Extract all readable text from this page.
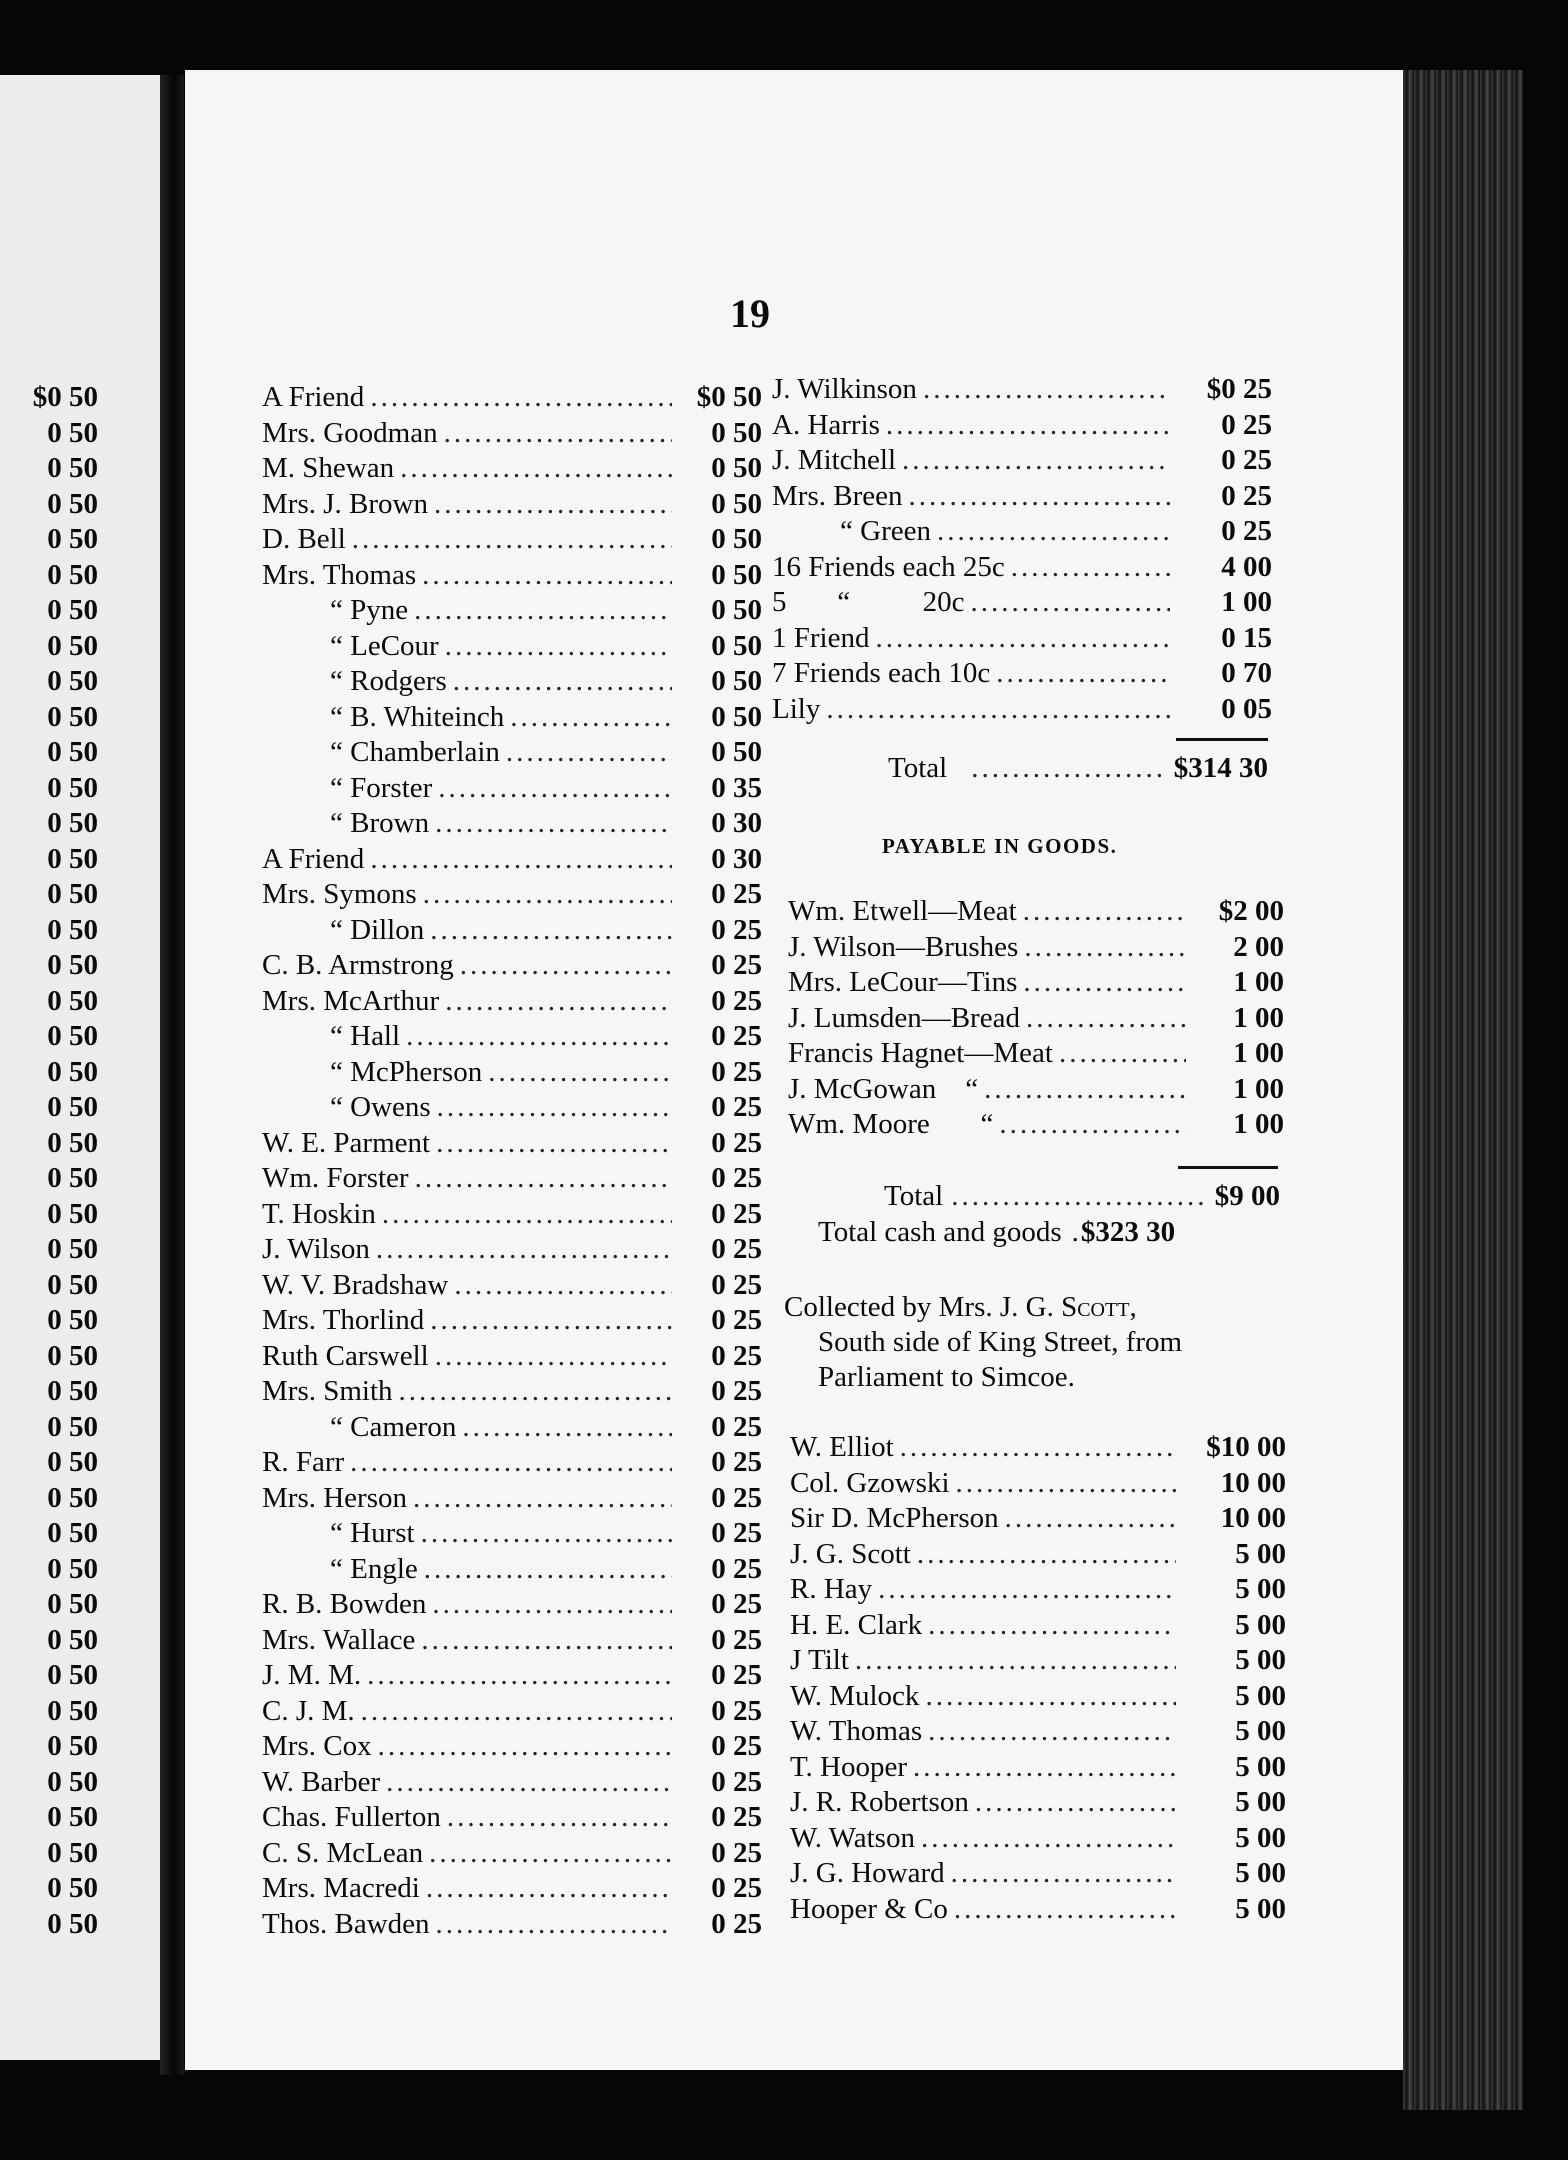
$0 50
0 50
0 50
0 50
0 50
0 50
0 50
0 50
0 50
0 50
0 50
0 50
0 50
0 50
0 50
0 50
0 50
0 50
0 50
0 50
0 50
0 50
0 50
0 50
0 50
0 50
0 50
0 50
0 50
0 50
0 50
0 50
0 50
0 50
0 50
0 50
0 50
0 50
0 50
0 50
0 50
0 50
0 50
0 50
19
A Friend .....	$0 50
Mrs. Goodman .....	0 50
M. Shewan .....	0 50
Mrs. J. Brown .....	0 50
D. Bell .....	0 50
Mrs. Thomas .....	0 50
“ Pyne .....	0 50
“ LeCour .....	0 50
“ Rodgers .....	0 50
“ B. Whiteinch .....	0 50
“ Chamberlain .....	0 50
“ Forster .....	0 35
“ Brown .....	0 30
A Friend .....	0 30
Mrs. Symons .....	0 25
“ Dillon .....	0 25
C. B. Armstrong .....	0 25
Mrs. McArthur .....	0 25
“ Hall .....	0 25
“ McPherson .....	0 25
“ Owens .....	0 25
W. E. Parment .....	0 25
Wm. Forster .....	0 25
T. Hoskin .....	0 25
J. Wilson .....	0 25
W. V. Bradshaw .....	0 25
Mrs. Thorlind .....	0 25
Ruth Carswell .....	0 25
Mrs. Smith .....	0 25
“ Cameron .....	0 25
R. Farr .....	0 25
Mrs. Herson .....	0 25
“ Hurst .....	0 25
“ Engle .....	0 25
R. B. Bowden .....	0 25
Mrs. Wallace .....	0 25
J. M. M. .....	0 25
C. J. M. .....	0 25
Mrs. Cox .....	0 25
W. Barber .....	0 25
Chas. Fullerton .....	0 25
C. S. McLean .....	0 25
Mrs. Macredi .....	0 25
Thos. Bawden .....	0 25
J. Wilkinson .....	$0 25
A. Harris .....	0 25
J. Mitchell .....	0 25
Mrs. Breen .....	0 25
“ Green .....	0 25
16 Friends each 25c .....	4 00
5       “          20c .....	1 00
1 Friend .....	0 15
7 Friends each 10c .....	0 70
Lily .....	0 05
Total .....	$314 30
PAYABLE IN GOODS.
Wm. Etwell—Meat .....	$2 00
J. Wilson—Brushes .....	2 00
Mrs. LeCour—Tins .....	1 00
J. Lumsden—Bread .....	1 00
Francis Hagnet—Meat .....	1 00
J. McGowan    “ .....	1 00
Wm. Moore       “ .....	1 00
Total .....	$9 00
Total cash and goods . $323 30
Collected by Mrs. J. G. Scott,
South side of King Street, from
Parliament to Simcoe.
W. Elliot .....	$10 00
Col. Gzowski .....	10 00
Sir D. McPherson .....	10 00
J. G. Scott .....	5 00
R. Hay .....	5 00
H. E. Clark .....	5 00
J Tilt .....	5 00
W. Mulock .....	5 00
W. Thomas .....	5 00
T. Hooper .....	5 00
J. R. Robertson .....	5 00
W. Watson .....	5 00
J. G. Howard .....	5 00
Hooper & Co .....	5 00
